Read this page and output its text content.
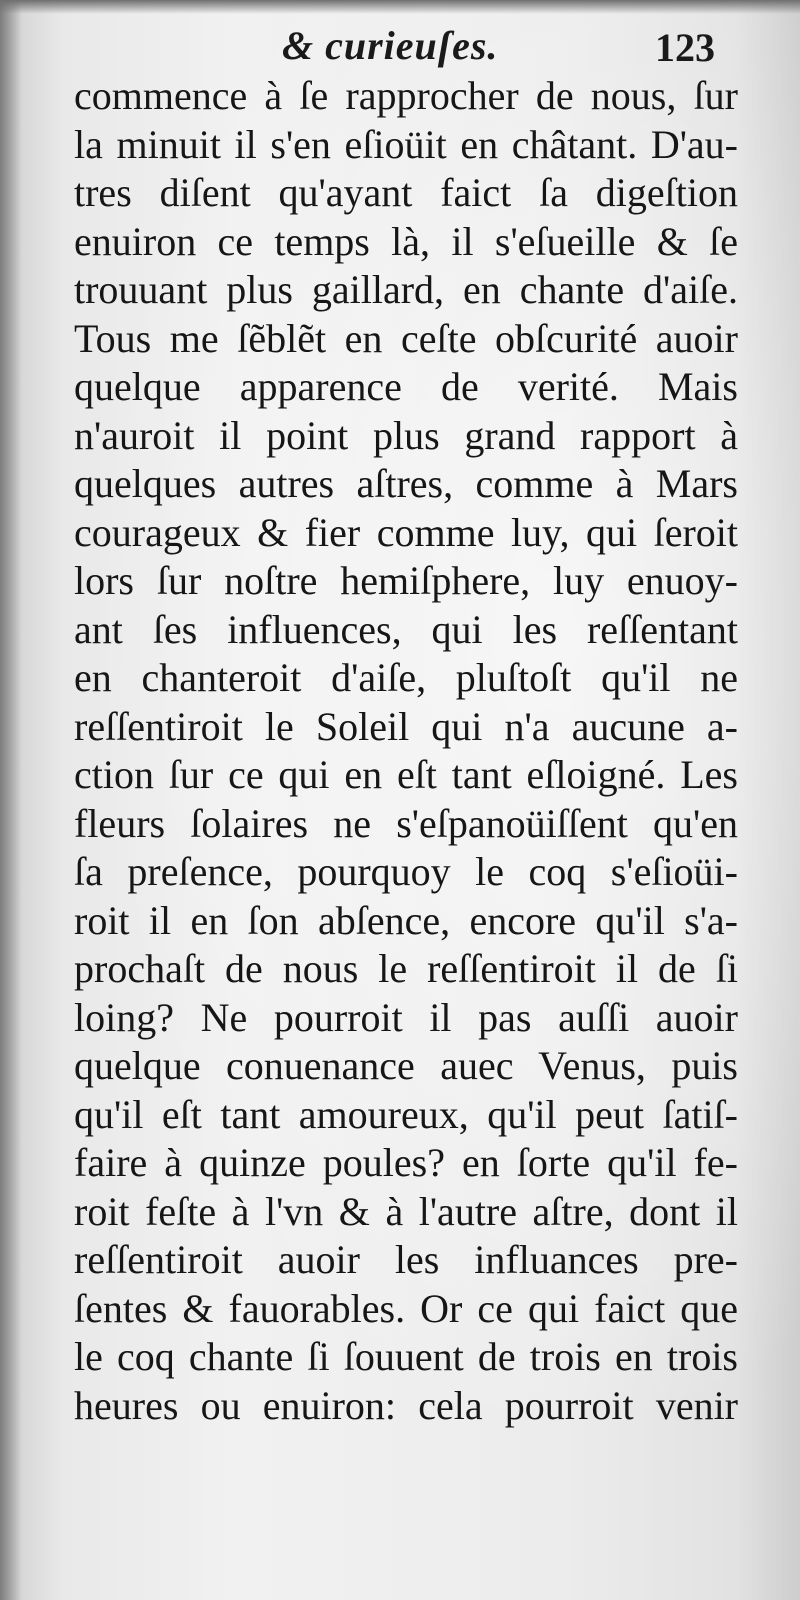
& curieuſes.	123
commence à ſe rapprocher de nous, ſur
la minuit il s'en eſioüit en châtant. D'au-
tres diſent qu'ayant faict ſa digeſtion
enuiron ce temps là, il s'eſueille & ſe
trouuant plus gaillard, en chante d'aiſe.
Tous me ſẽblẽt en ceſte obſcurité auoir
quelque apparence de verité. Mais
n'auroit il point plus grand rapport à
quelques autres aſtres, comme à Mars
courageux & fier comme luy, qui ſeroit
lors ſur noſtre hemiſphere, luy enuoy-
ant ſes influences, qui les reſſentant
en chanteroit d'aiſe, pluſtoſt qu'il ne
reſſentiroit le Soleil qui n'a aucune a-
ction ſur ce qui en eſt tant eſloigné. Les
fleurs ſolaires ne s'eſpanoüiſſent qu'en
ſa preſence, pourquoy le coq s'eſioüi-
roit il en ſon abſence, encore qu'il s'a-
prochaſt de nous le reſſentiroit il de ſi
loing? Ne pourroit il pas auſſi auoir
quelque conuenance auec Venus, puis
qu'il eſt tant amoureux, qu'il peut ſatiſ-
faire à quinze poules? en ſorte qu'il fe-
roit feſte à l'vn & à l'autre aſtre, dont il
reſſentiroit auoir les influances pre-
ſentes & fauorables. Or ce qui faict que
le coq chante ſi ſouuent de trois en trois
heures ou enuiron: cela pourroit venir
